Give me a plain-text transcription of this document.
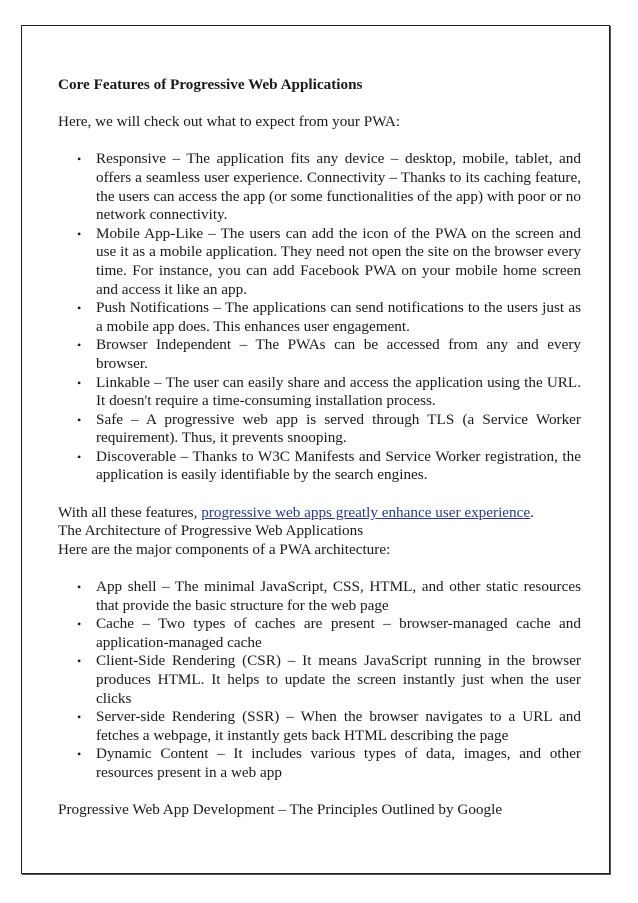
Core Features of Progressive Web Applications

Here, we will check out what to expect from your PWA:

• Responsive – The application fits any device – desktop, mobile, tablet, and offers a seamless user experience. Connectivity – Thanks to its caching feature, the users can access the app (or some functionalities of the app) with poor or no network connectivity.
• Mobile App-Like – The users can add the icon of the PWA on the screen and use it as a mobile application. They need not open the site on the browser every time. For instance, you can add Facebook PWA on your mobile home screen and access it like an app.
• Push Notifications – The applications can send notifications to the users just as a mobile app does. This enhances user engagement.
• Browser Independent – The PWAs can be accessed from any and every browser.
• Linkable – The user can easily share and access the application using the URL. It doesn't require a time-consuming installation process.
• Safe – A progressive web app is served through TLS (a Service Worker requirement). Thus, it prevents snooping.
• Discoverable – Thanks to W3C Manifests and Service Worker registration, the application is easily identifiable by the search engines.

With all these features, progressive web apps greatly enhance user experience.

The Architecture of Progressive Web Applications

Here are the major components of a PWA architecture:

• App shell – The minimal JavaScript, CSS, HTML, and other static resources that provide the basic structure for the web page
• Cache – Two types of caches are present – browser-managed cache and application-managed cache
• Client-Side Rendering (CSR) – It means JavaScript running in the browser produces HTML. It helps to update the screen instantly just when the user clicks
• Server-side Rendering (SSR) – When the browser navigates to a URL and fetches a webpage, it instantly gets back HTML describing the page
• Dynamic Content – It includes various types of data, images, and other resources present in a web app

Progressive Web App Development – The Principles Outlined by Google
